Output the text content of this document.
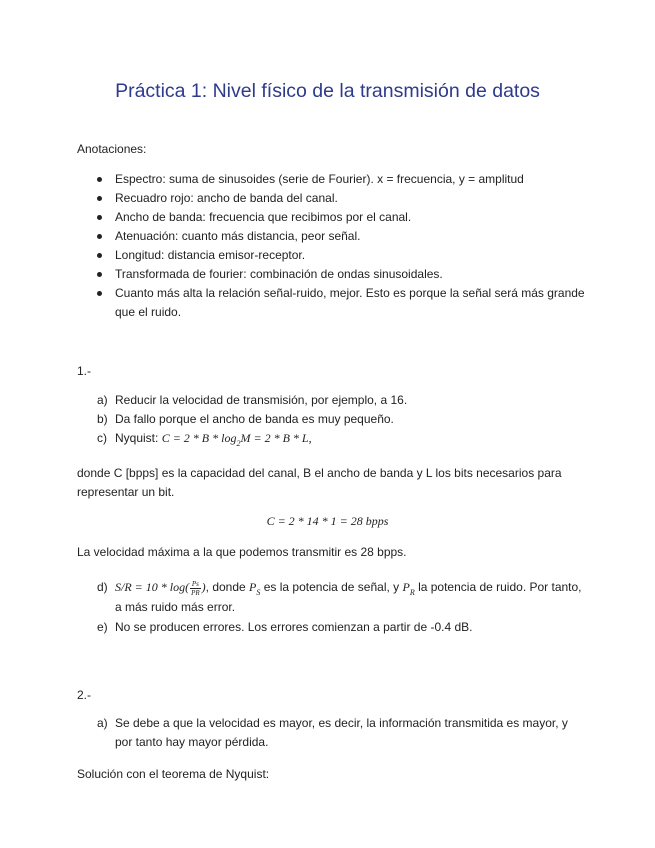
Práctica 1: Nivel físico de la transmisión de datos

Anotaciones:

Espectro: suma de sinusoides (serie de Fourier). x = frecuencia, y = amplitud
Recuadro rojo: ancho de banda del canal.
Ancho de banda: frecuencia que recibimos por el canal.
Atenuación: cuanto más distancia, peor señal.
Longitud: distancia emisor-receptor.
Transformada de fourier: combinación de ondas sinusoidales.
Cuanto más alta la relación señal-ruido, mejor. Esto es porque la señal será más grande que el ruido.

1.-

a) Reducir la velocidad de transmisión, por ejemplo, a 16.
b) Da fallo porque el ancho de banda es muy pequeño.
c) Nyquist: $C = 2 * B * \log_2M = 2 * B * L$,

donde C [bpps] es la capacidad del canal, B el ancho de banda y L los bits necesarios para representar un bit.

C = 2 * 14 * 1 = 28 bpps

La velocidad máxima a la que podemos transmitir es 28 bpps.

d) $S/R = 10 * \log( \frac{Ps}{PR}$ ), donde $P_S$ es la potencia de señal, y $P_R$ la potencia de ruido. Por tanto, a más ruido más error.
e) No se producen errores. Los errores comienzan a partir de -0.4 dB.

2.-

a) Se debe a que la velocidad es mayor, es decir, la información transmitida es mayor, y por tanto hay mayor pérdida.

Solución con el teorema de Nyquist:
